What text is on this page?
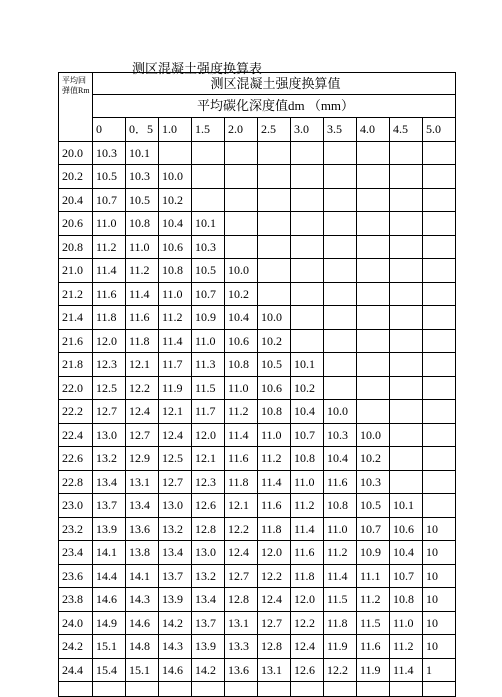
测区混凝土强度换算表
平均回弹值Rm	测区混凝土强度换算值										
	平均碳化深度值dm （mm）										
	0	0．5	1.0	1.5	2.0	2.5	3.0	3.5	4.0	4.5	5.0
20.0	10.3	10.1									
20.2	10.5	10.3	10.0								
20.4	10.7	10.5	10.2								
20.6	11.0	10.8	10.4	10.1							
20.8	11.2	11.0	10.6	10.3							
21.0	11.4	11.2	10.8	10.5	10.0						
21.2	11.6	11.4	11.0	10.7	10.2						
21.4	11.8	11.6	11.2	10.9	10.4	10.0					
21.6	12.0	11.8	11.4	11.0	10.6	10.2					
21.8	12.3	12.1	11.7	11.3	10.8	10.5	10.1				
22.0	12.5	12.2	11.9	11.5	11.0	10.6	10.2				
22.2	12.7	12.4	12.1	11.7	11.2	10.8	10.4	10.0			
22.4	13.0	12.7	12.4	12.0	11.4	11.0	10.7	10.3	10.0		
22.6	13.2	12.9	12.5	12.1	11.6	11.2	10.8	10.4	10.2		
22.8	13.4	13.1	12.7	12.3	11.8	11.4	11.0	11.6	10.3		
23.0	13.7	13.4	13.0	12.6	12.1	11.6	11.2	10.8	10.5	10.1	
23.2	13.9	13.6	13.2	12.8	12.2	11.8	11.4	11.0	10.7	10.6	10
23.4	14.1	13.8	13.4	13.0	12.4	12.0	11.6	11.2	10.9	10.4	10
23.6	14.4	14.1	13.7	13.2	12.7	12.2	11.8	11.4	11.1	10.7	10
23.8	14.6	14.3	13.9	13.4	12.8	12.4	12.0	11.5	11.2	10.8	10
24.0	14.9	14.6	14.2	13.7	13.1	12.7	12.2	11.8	11.5	11.0	10
24.2	15.1	14.8	14.3	13.9	13.3	12.8	12.4	11.9	11.6	11.2	10
24.4	15.4	15.1	14.6	14.2	13.6	13.1	12.6	12.2	11.9	11.4	1
